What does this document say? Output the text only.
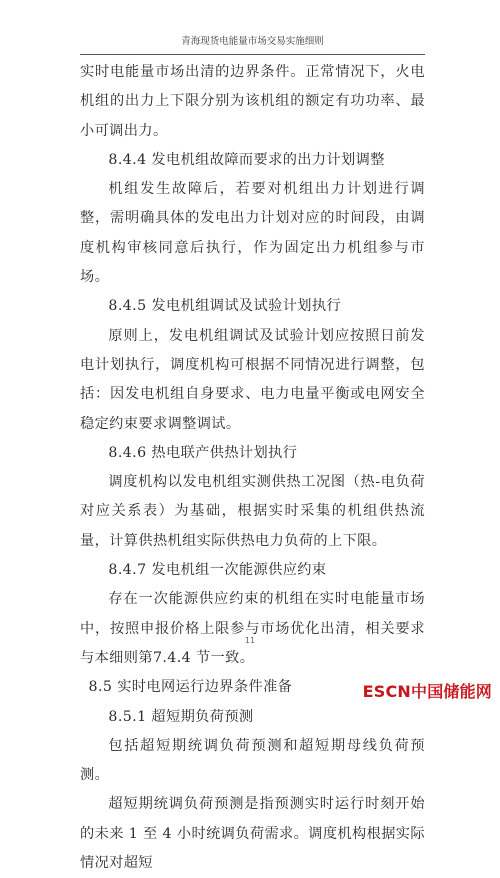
青海现货电能量市场交易实施细则

实时电能量市场出清的边界条件。正常情况下，火电机组的出力上下限分别为该机组的额定有功功率、最小可调出力。

8.4.4 发电机组故障而要求的出力计划调整

机组发生故障后，若要对机组出力计划进行调整，需明确具体的发电出力计划对应的时间段，由调度机构审核同意后执行，作为固定出力机组参与市场。

8.4.5 发电机组调试及试验计划执行

原则上，发电机组调试及试验计划应按照日前发电计划执行，调度机构可根据不同情况进行调整，包括：因发电机组自身要求、电力电量平衡或电网安全稳定约束要求调整调试。

8.4.6 热电联产供热计划执行

调度机构以发电机组实测供热工况图（热-电负荷对应关系表）为基础，根据实时采集的机组供热流量，计算供热机组实际供热电力负荷的上下限。

8.4.7 发电机组一次能源供应约束

存在一次能源供应约束的机组在实时电能量市场中，按照申报价格上限参与市场优化出清，相关要求与本细则第7.4.4 节一致。

8.5 实时电网运行边界条件准备

8.5.1 超短期负荷预测

包括超短期统调负荷预测和超短期母线负荷预测。

超短期统调负荷预测是指预测实时运行时刻开始的未来 1 至 4 小时统调负荷需求。调度机构根据实际情况对超短

11
ESCN中国储能网
